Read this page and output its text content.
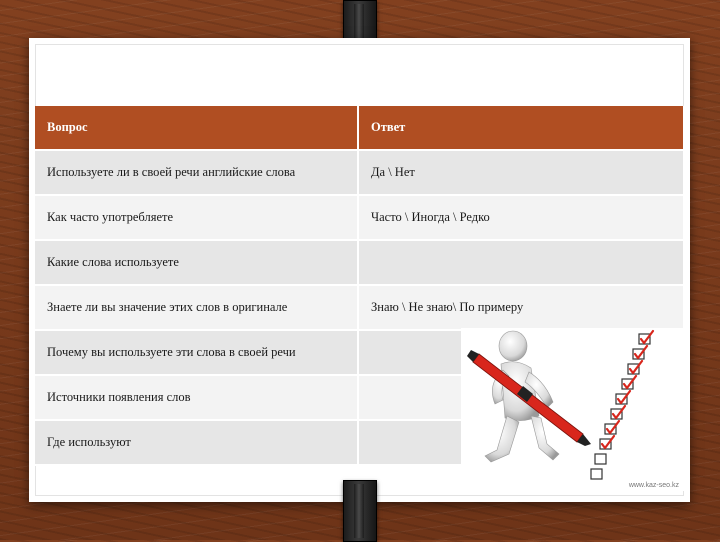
Вопрос	Ответ
Используете ли в своей речи английские слова	Да \ Нет
Как часто употребляете	Часто \ Иногда \ Редко
Какие слова используете	
Знаете ли вы значение этих слов в оригинале	Знаю \ Не знаю\ По примеру
Почему вы используете эти слова в своей речи	
Источники появления слов	
Где используют	
www.kaz-seo.kz
